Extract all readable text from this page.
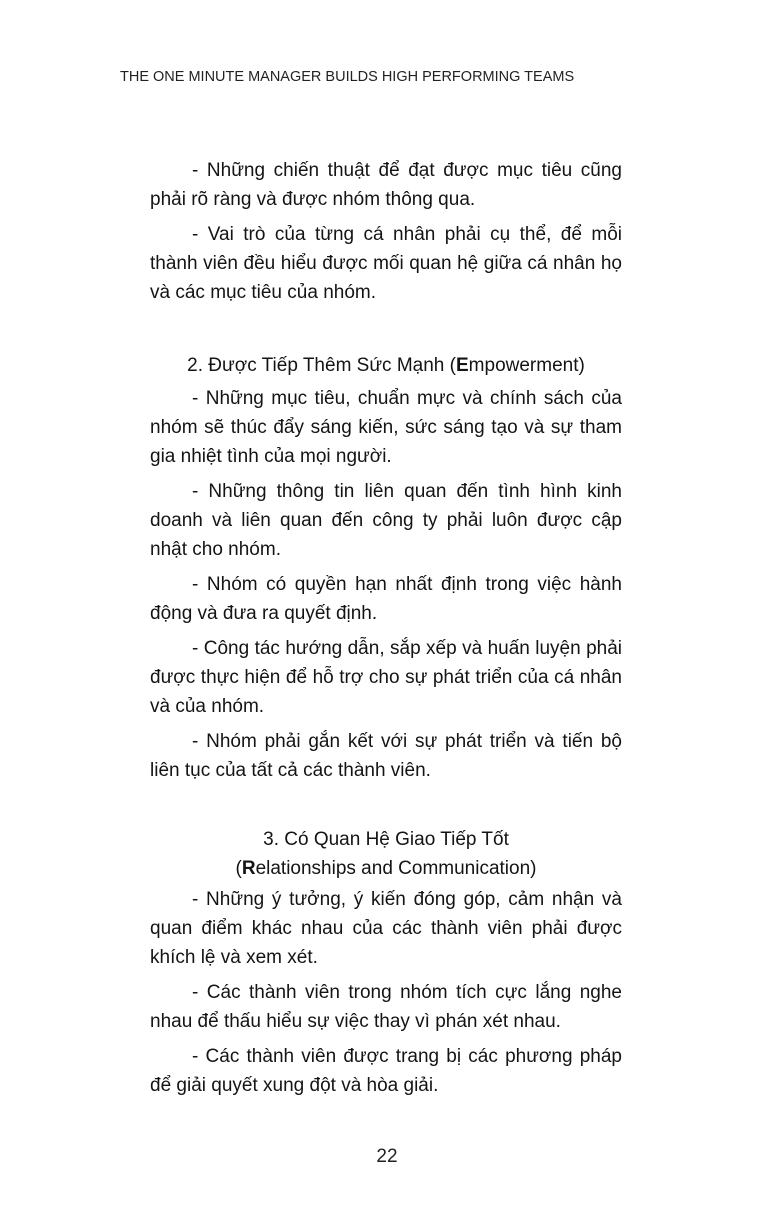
THE ONE MINUTE MANAGER BUILDS HIGH PERFORMING TEAMS

- Những chiến thuật để đạt được mục tiêu cũng phải rõ ràng và được nhóm thông qua.

- Vai trò của từng cá nhân phải cụ thể, để mỗi thành viên đều hiểu được mối quan hệ giữa cá nhân họ và các mục tiêu của nhóm.

2. Được Tiếp Thêm Sức Mạnh (Empowerment)

- Những mục tiêu, chuẩn mực và chính sách của nhóm sẽ thúc đẩy sáng kiến, sức sáng tạo và sự tham gia nhiệt tình của mọi người.

- Những thông tin liên quan đến tình hình kinh doanh và liên quan đến công ty phải luôn được cập nhật cho nhóm.

- Nhóm có quyền hạn nhất định trong việc hành động và đưa ra quyết định.

- Công tác hướng dẫn, sắp xếp và huấn luyện phải được thực hiện để hỗ trợ cho sự phát triển của cá nhân và của nhóm.

- Nhóm phải gắn kết với sự phát triển và tiến bộ liên tục của tất cả các thành viên.

3. Có Quan Hệ Giao Tiếp Tốt
(Relationships and Communication)

- Những ý tưởng, ý kiến đóng góp, cảm nhận và quan điểm khác nhau của các thành viên phải được khích lệ và xem xét.

- Các thành viên trong nhóm tích cực lắng nghe nhau để thấu hiểu sự việc thay vì phán xét nhau.

- Các thành viên được trang bị các phương pháp để giải quyết xung đột và hòa giải.

22
